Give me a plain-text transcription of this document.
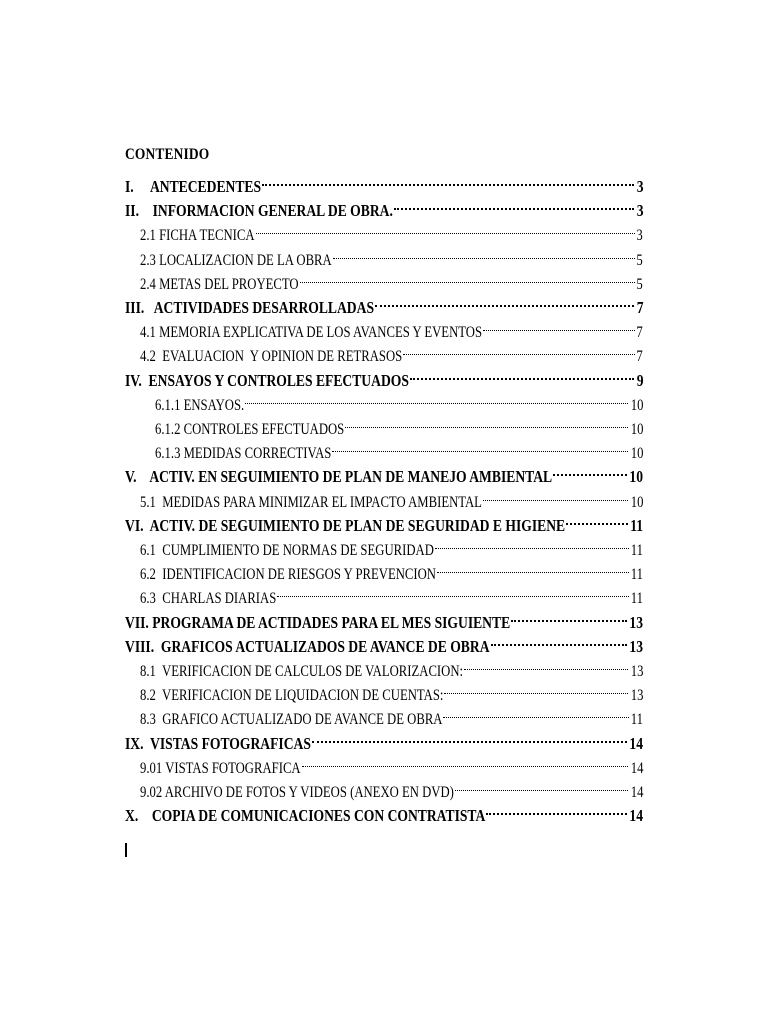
CONTENIDO
I.     ANTECEDENTES	3
II.    INFORMACION GENERAL DE OBRA.	3
2.1 FICHA TECNICA	3
2.3 LOCALIZACION DE LA OBRA	5
2.4 METAS DEL PROYECTO	5
III.   ACTIVIDADES DESARROLLADAS	7
4.1 MEMORIA EXPLICATIVA DE LOS AVANCES Y EVENTOS	7
4.2  EVALUACION  Y OPINION DE RETRASOS	7
IV.  ENSAYOS Y CONTROLES EFECTUADOS	9
6.1.1 ENSAYOS.	10
6.1.2 CONTROLES EFECTUADOS	10
6.1.3 MEDIDAS CORRECTIVAS	10
V.    ACTIV. EN SEGUIMIENTO DE PLAN DE MANEJO AMBIENTAL	10
5.1  MEDIDAS PARA MINIMIZAR EL IMPACTO AMBIENTAL	10
VI.  ACTIV. DE SEGUIMIENTO DE PLAN DE SEGURIDAD E HIGIENE	11
6.1  CUMPLIMIENTO DE NORMAS DE SEGURIDAD	11
6.2  IDENTIFICACION DE RIESGOS Y PREVENCION	11
6.3  CHARLAS DIARIAS	11
VII. PROGRAMA DE ACTIDADES PARA EL MES SIGUIENTE	13
VIII.  GRAFICOS ACTUALIZADOS DE AVANCE DE OBRA	13
8.1  VERIFICACION DE CALCULOS DE VALORIZACION:	13
8.2  VERIFICACION DE LIQUIDACION DE CUENTAS:	13
8.3  GRAFICO ACTUALIZADO DE AVANCE DE OBRA	11
IX.  VISTAS FOTOGRAFICAS	14
9.01 VISTAS FOTOGRAFICA	14
9.02 ARCHIVO DE FOTOS Y VIDEOS (ANEXO EN DVD)	14
X.    COPIA DE COMUNICACIONES CON CONTRATISTA	14
